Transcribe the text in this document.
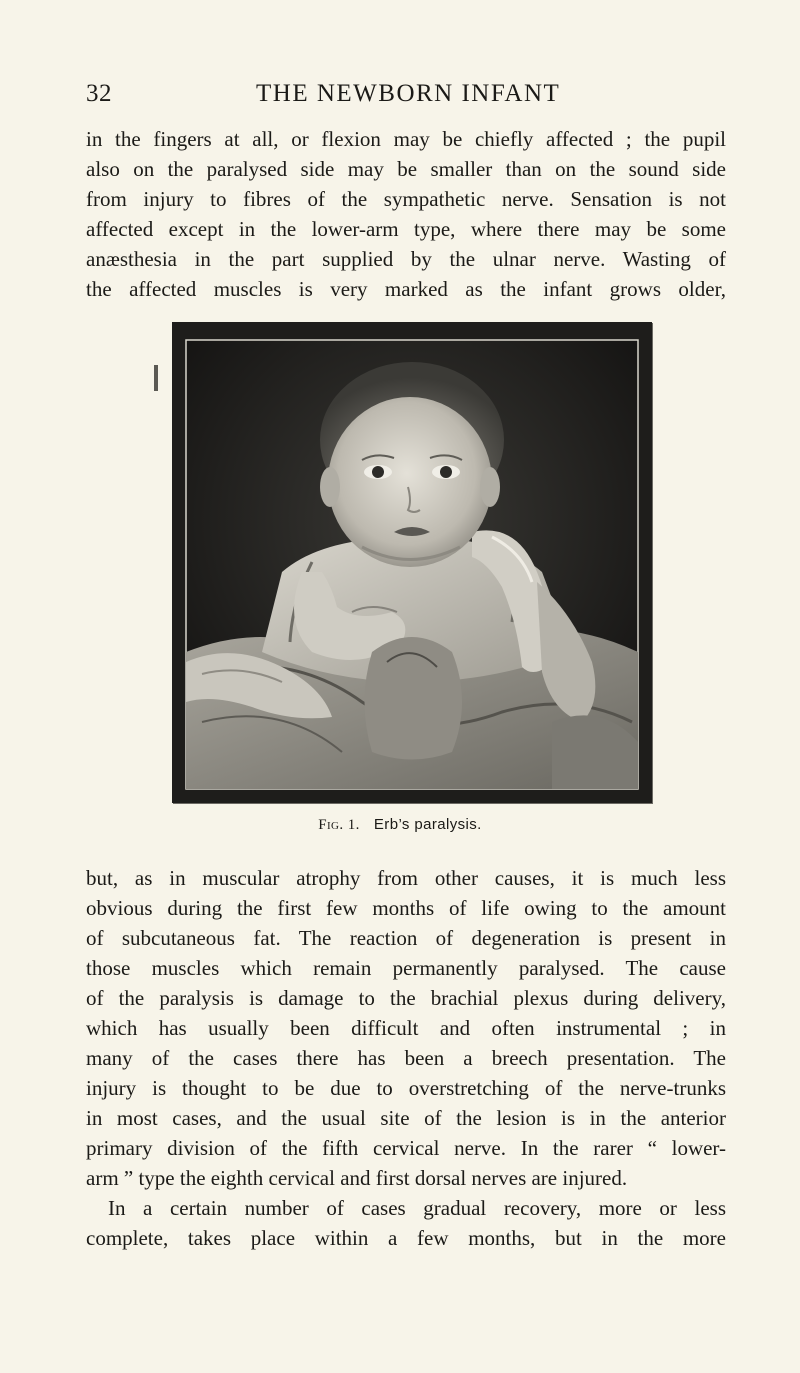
32	THE NEWBORN INFANT
in the fingers at all, or flexion may be chiefly affected ; the pupil
also on the paralysed side may be smaller than on the sound side
from injury to fibres of the sympathetic nerve. Sensation is not
affected except in the lower-arm type, where there may be some
anæsthesia in the part supplied by the ulnar nerve. Wasting of
the affected muscles is very marked as the infant grows older,
Fig. 1. Erb’s paralysis.
but, as in muscular atrophy from other causes, it is much less
obvious during the first few months of life owing to the amount
of subcutaneous fat. The reaction of degeneration is present in
those muscles which remain permanently paralysed. The cause
of the paralysis is damage to the brachial plexus during delivery,
which has usually been difficult and often instrumental ; in
many of the cases there has been a breech presentation. The
injury is thought to be due to overstretching of the nerve-trunks
in most cases, and the usual site of the lesion is in the anterior
primary division of the fifth cervical nerve. In the rarer “ lower-
arm ” type the eighth cervical and first dorsal nerves are injured.
In a certain number of cases gradual recovery, more or less
complete, takes place within a few months, but in the more
